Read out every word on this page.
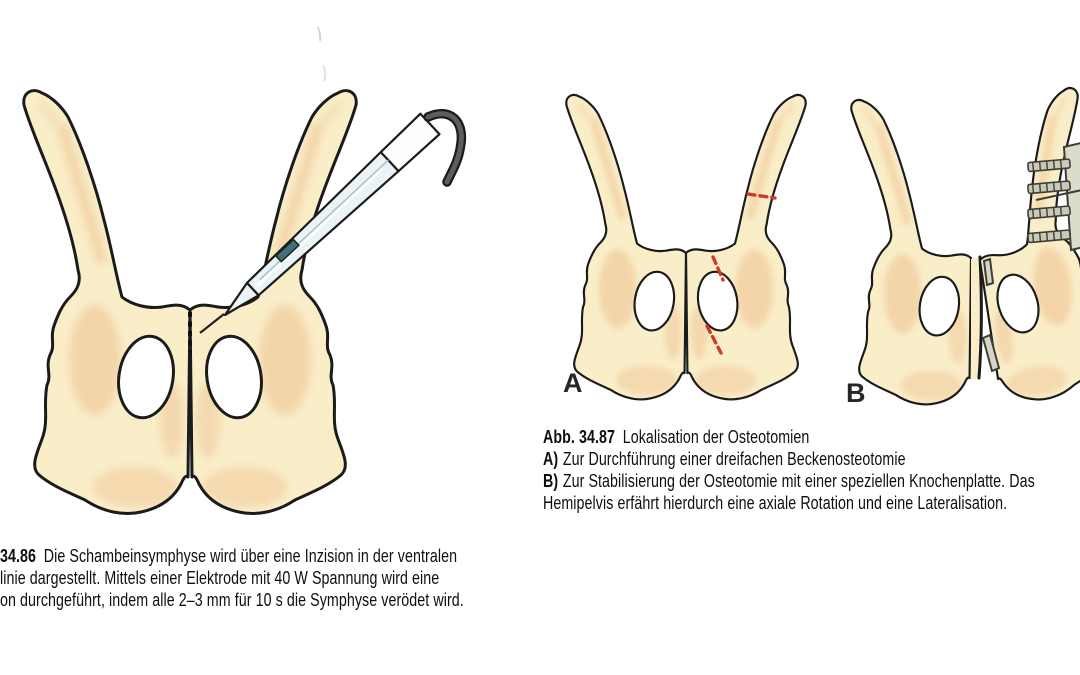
A	B
34.86 Die Schambeinsymphyse wird über eine Inzision in der ventralen
linie dargestellt. Mittels einer Elektrode mit 40 W Spannung wird eine
on durchgeführt, indem alle 2–3 mm für 10 s die Symphyse verödet wird.
Abb. 34.87 Lokalisation der Osteotomien
A) Zur Durchführung einer dreifachen Beckenosteotomie
B) Zur Stabilisierung der Osteotomie mit einer speziellen Knochenplatte. Das
Hemipelvis erfährt hierdurch eine axiale Rotation und eine Lateralisation.
